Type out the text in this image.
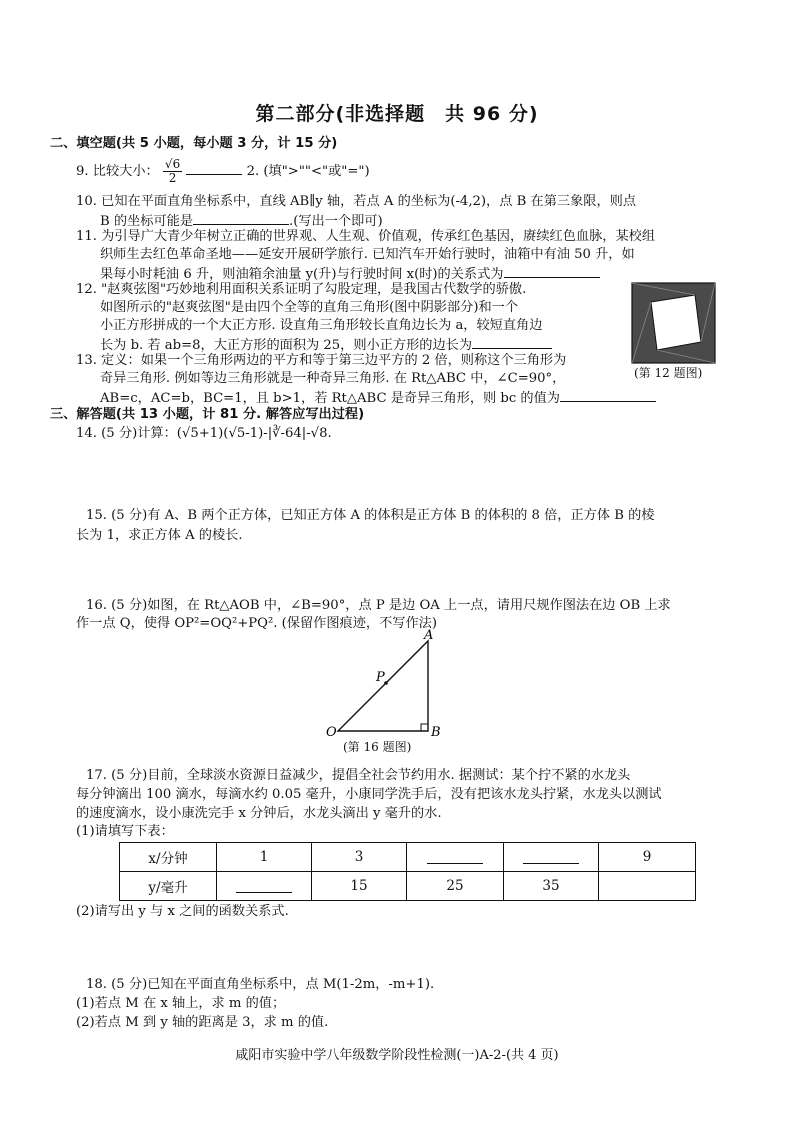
第二部分(非选择题　共 96 分)
二、填空题(共 5 小题，每小题 3 分，计 15 分)
9. 比较大小： $\frac{√6}{2}$	2. (填">""<"或"=")
10. 已知在平面直角坐标系中，直线 AB∥y 轴，若点 A 的坐标为(-4,2)，点 B 在第三象限，则点
B 的坐标可能是	.(写出一个即可)
11. 为引导广大青少年树立正确的世界观、人生观、价值观，传承红色基因，赓续红色血脉，某校组
织师生去红色革命圣地——延安开展研学旅行. 已知汽车开始行驶时，油箱中有油 50 升，如
果每小时耗油 6 升，则油箱余油量 y(升)与行驶时间 x(时)的关系式为
12. "赵爽弦图"巧妙地利用面积关系证明了勾股定理，是我国古代数学的骄傲.
如图所示的"赵爽弦图"是由四个全等的直角三角形(图中阴影部分)和一个
小正方形拼成的一个大正方形. 设直角三角形较长直角边长为 a，较短直角边
长为 b. 若 ab=8，大正方形的面积为 25，则小正方形的边长为
(第 12 题图)
13. 定义：如果一个三角形两边的平方和等于第三边平方的 2 倍，则称这个三角形为
奇异三角形. 例如等边三角形就是一种奇异三角形. 在 Rt△ABC 中，∠C=90°，
AB=c，AC=b，BC=1，且 b>1，若 Rt△ABC 是奇异三角形，则 bc 的值为
三、解答题(共 13 小题，计 81 分. 解答应写出过程)
14. (5 分)计算：(√5+1)(√5-1)-|∛-64|-√8.
15. (5 分)有 A、B 两个正方体，已知正方体 A 的体积是正方体 B 的体积的 8 倍，正方体 B 的棱
长为 1，求正方体 A 的棱长.
16. (5 分)如图，在 Rt△AOB 中，∠B=90°，点 P 是边 OA 上一点，请用尺规作图法在边 OB 上求
作一点 Q，使得 OP²=OQ²+PQ². (保留作图痕迹，不写作法)
A
P
O	B
(第 16 题图)
17. (5 分)目前，全球淡水资源日益减少，提倡全社会节约用水. 据测试：某个拧不紧的水龙头
每分钟滴出 100 滴水，每滴水约 0.05 毫升，小康同学洗手后，没有把该水龙头拧紧，水龙头以测试
的速度滴水，设小康洗完手 x 分钟后，水龙头滴出 y 毫升的水.
(1)请填写下表：
x/分钟	1	3			9
y/毫升		15	25	35	
(2)请写出 y 与 x 之间的函数关系式.
18. (5 分)已知在平面直角坐标系中，点 M(1-2m，-m+1).
(1)若点 M 在 x 轴上，求 m 的值；
(2)若点 M 到 y 轴的距离是 3，求 m 的值.
咸阳市实验中学八年级数学阶段性检测(一)A-2-(共 4 页)
